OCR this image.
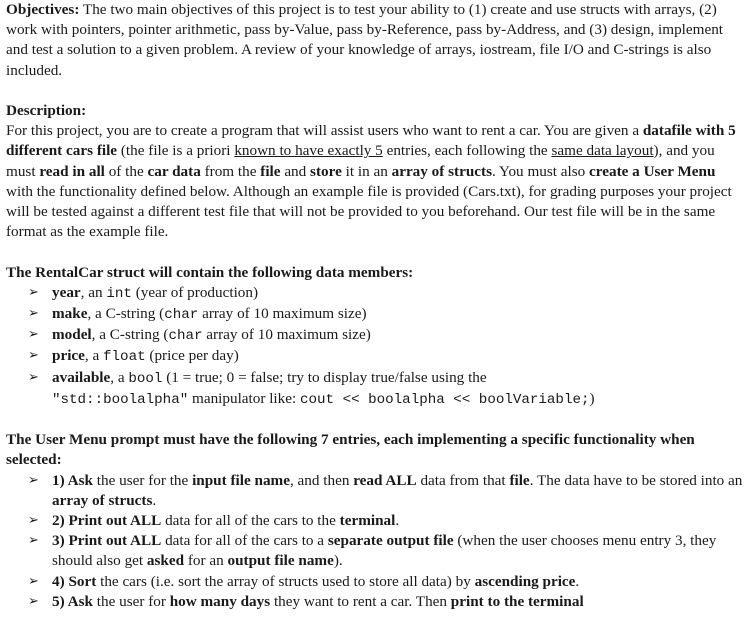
Objectives: The two main objectives of this project is to test your ability to (1) create and use structs with arrays, (2) work with pointers, pointer arithmetic, pass by-Value, pass by-Reference, pass by-Address, and (3) design, implement and test a solution to a given problem. A review of your knowledge of arrays, iostream, file I/O and C-strings is also included.

Description:

For this project, you are to create a program that will assist users who want to rent a car. You are given a datafile with 5 different cars file (the file is a priori known to have exactly 5 entries, each following the same data layout), and you must read in all of the car data from the file and store it in an array of structs. You must also create a User Menu with the functionality defined below. Although an example file is provided (Cars.txt), for grading purposes your project will be tested against a different test file that will not be provided to you beforehand. Our test file will be in the same format as the example file.

The RentalCar struct will contain the following data members:

➢ year, an int (year of production)
➢ make, a C-string (char array of 10 maximum size)
➢ model, a C-string (char array of 10 maximum size)
➢ price, a float (price per day)
➢ available, a bool (1 = true; 0 = false; try to display true/false using the
"std::boolalpha" manipulator like: cout << boolalpha << boolVariable;)

The User Menu prompt must have the following 7 entries, each implementing a specific functionality when selected:

➢ 1) Ask the user for the input file name, and then read ALL data from that file. The data have to be stored into an array of structs.
➢ 2) Print out ALL data for all of the cars to the terminal.
➢ 3) Print out ALL data for all of the cars to a separate output file (when the user chooses menu entry 3, they should also get asked for an output file name).
➢ 4) Sort the cars (i.e. sort the array of structs used to store all data) by ascending price.
➢ 5) Ask the user for how many days they want to rent a car. Then print to the terminal
